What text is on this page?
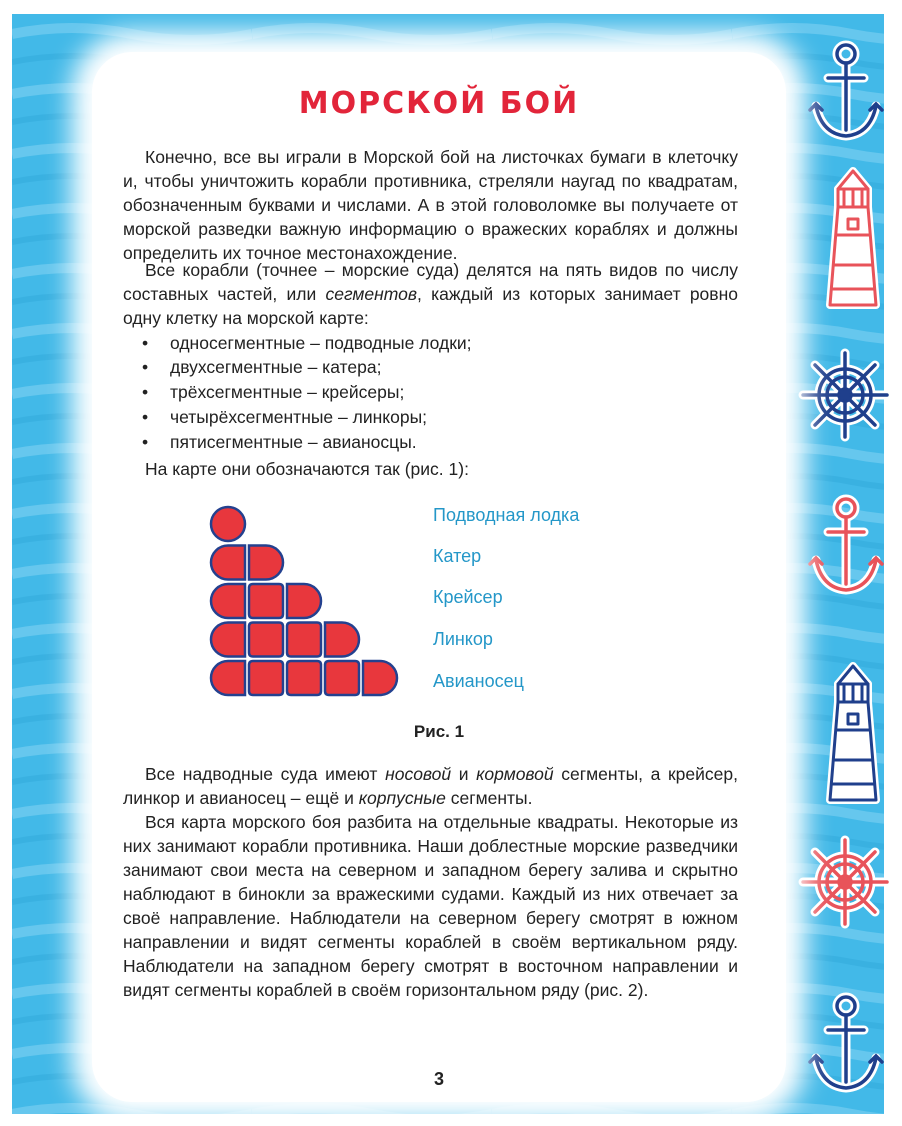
МОРСКОЙ БОЙ

Конечно, все вы играли в Морской бой на листочках бумаги в клеточку и, чтобы уничтожить корабли противника, стреляли наугад по квадратам, обозначенным буквами и числами. А в этой головоломке вы получаете от морской разведки важную информацию о вражеских кораблях и должны определить их точное местонахождение.

Все корабли (точнее – морские суда) делятся на пять видов по числу составных частей, или сегментов, каждый из которых занимает ровно одну клетку на морской карте:

• односегментные – подводные лодки;

• двухсегментные – катера;

• трёхсегментные – крейсеры;

• четырёхсегментные – линкоры;

• пятисегментные – авианосцы.

На карте они обозначаются так (рис. 1):

Подводная лодка

Катер

Крейсер

Линкор

Авианосец

Рис. 1

Все надводные суда имеют носовой и кормовой сегменты, а крейсер, линкор и авианосец – ещё и корпусные сегменты.

Вся карта морского боя разбита на отдельные квадраты. Некоторые из них занимают корабли противника. Наши доблестные морские разведчики занимают свои места на северном и западном берегу залива и скрытно наблюдают в бинокли за вражескими судами. Каждый из них отвечает за своё направление. Наблюдатели на северном берегу смотрят в южном направлении и видят сегменты кораблей в своём вертикальном ряду. Наблюдатели на западном берегу смотрят в восточном направлении и видят сегменты кораблей в своём горизонтальном ряду (рис. 2).

3
